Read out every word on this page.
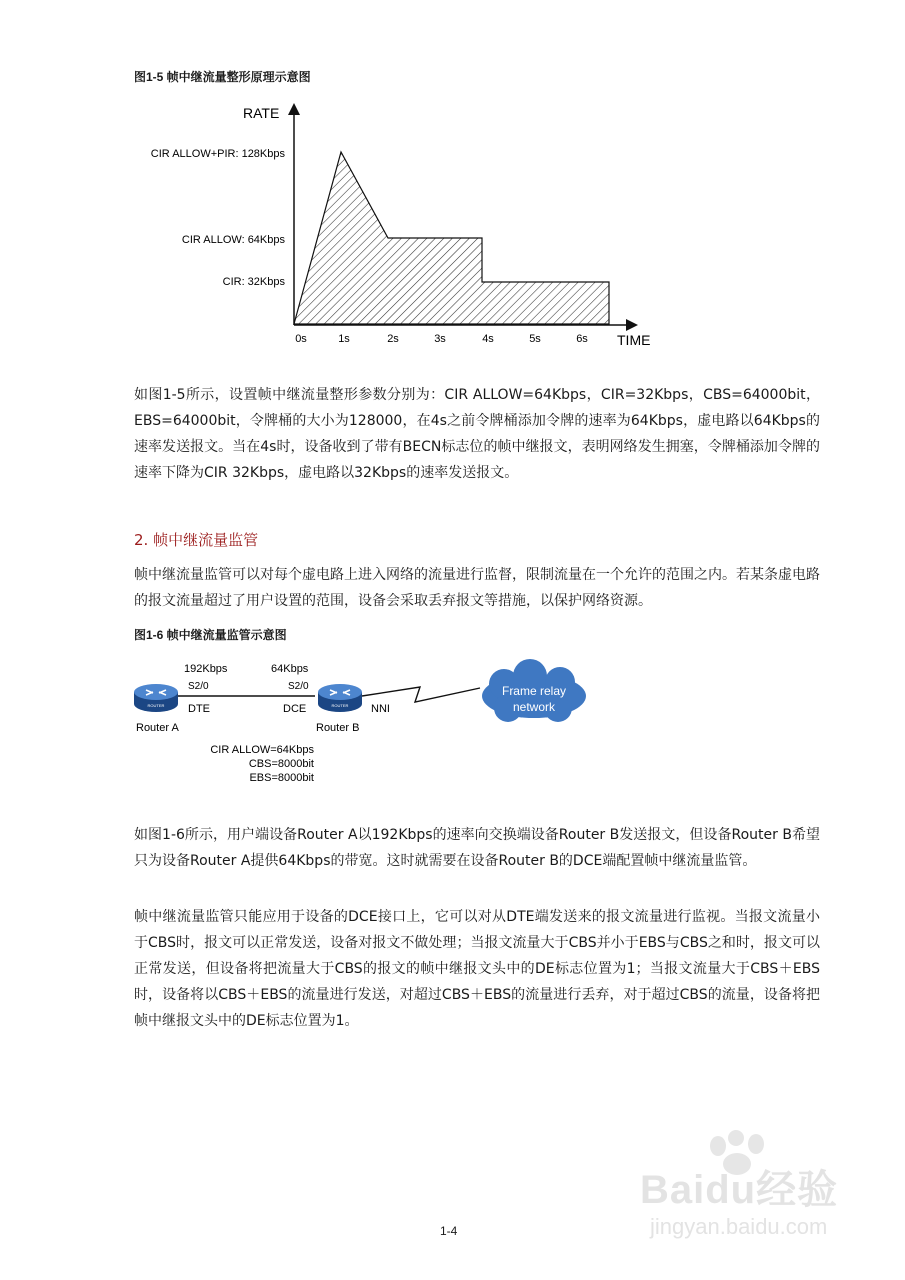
图1-5 帧中继流量整形原理示意图
RATE
TIME
CIR ALLOW+PIR: 128Kbps
CIR ALLOW: 64Kbps
CIR: 32Kbps
0s	1s	2s	3s	4s	5s	6s

如图1-5所示，设置帧中继流量整形参数分别为：CIR ALLOW=64Kbps，CIR=32Kbps，CBS=64000bit，EBS=64000bit，令牌桶的大小为128000，在4s之前令牌桶添加令牌的速率为64Kbps，虚电路以64Kbps的速率发送报文。当在4s时，设备收到了带有BECN标志位的帧中继报文，表明网络发生拥塞，令牌桶添加令牌的速率下降为CIR 32Kbps，虚电路以32Kbps的速率发送报文。

2. 帧中继流量监管

帧中继流量监管可以对每个虚电路上进入网络的流量进行监督，限制流量在一个允许的范围之内。若某条虚电路的报文流量超过了用户设置的范围，设备会采取丢弃报文等措施，以保护网络资源。

图1-6 帧中继流量监管示意图
ROUTER	ROUTER
Frame relay
network
192Kbps
S2/0
DTE
Router A
64Kbps
S2/0
DCE
Router B
NNI
CIR ALLOW=64Kbps
CBS=8000bit
EBS=8000bit

如图1-6所示，用户端设备Router A以192Kbps的速率向交换端设备Router B发送报文，但设备Router B希望只为设备Router A提供64Kbps的带宽。这时就需要在设备Router B的DCE端配置帧中继流量监管。

帧中继流量监管只能应用于设备的DCE接口上，它可以对从DTE端发送来的报文流量进行监视。当报文流量小于CBS时，报文可以正常发送，设备对报文不做处理；当报文流量大于CBS并小于EBS与CBS之和时，报文可以正常发送，但设备将把流量大于CBS的报文的帧中继报文头中的DE标志位置为1；当报文流量大于CBS＋EBS时，设备将以CBS＋EBS的流量进行发送，对超过CBS＋EBS的流量进行丢弃，对于超过CBS的流量，设备将把帧中继报文头中的DE标志位置为1。

1-4
Baidu经验
jingyan.baidu.com
